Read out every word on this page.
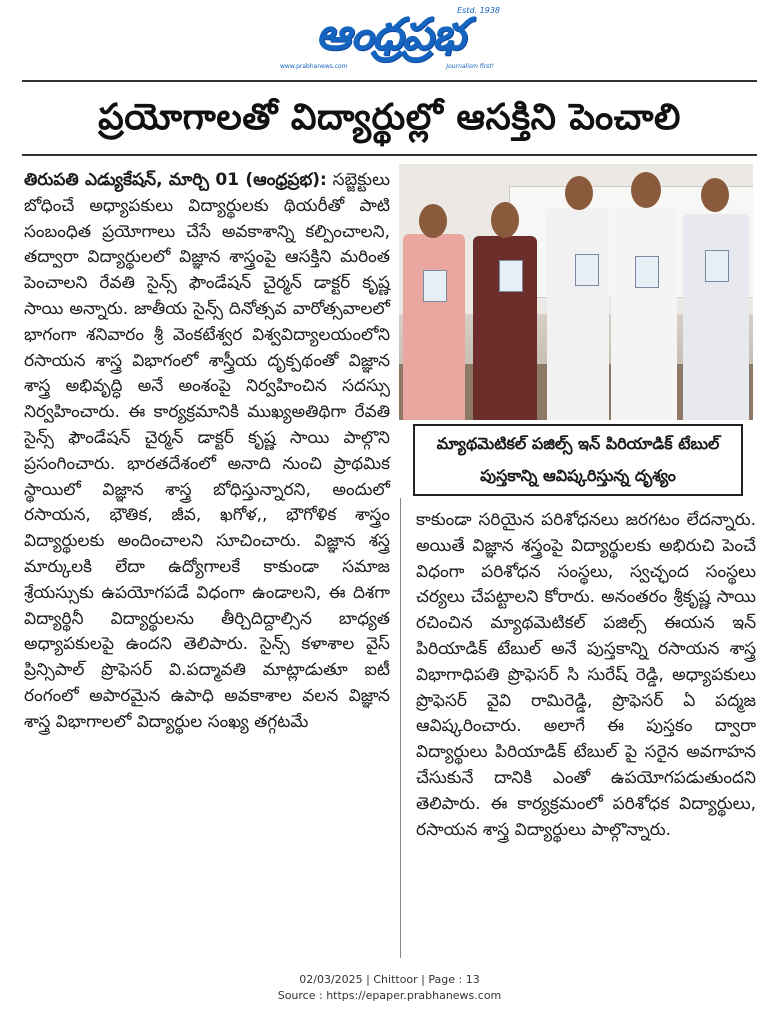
ఆంధ్రప్రభ
Estd. 1938
www.prabhanews.com	Journalism first!
ప్రయోగాలతో విద్యార్థుల్లో ఆసక్తిని పెంచాలి
తిరుపతి ఎడ్యుకేషన్, మార్చి 01 (ఆంధ్రప్రభ): సబ్జెక్టులు బోధించే అధ్యాపకులు విద్యార్థులకు థియరీతో పాటి సంబంధిత ప్రయోగాలు చేసే అవకాశాన్ని కల్పించాలని, తద్వారా విద్యార్థులలో విజ్ఞాన శాస్త్రంపై ఆసక్తిని మరింత పెంచాలని రేవతి సైన్స్ ఫౌండేషన్ చైర్మన్ డాక్టర్ కృష్ణ సాయి అన్నారు. జాతీయ సైన్స్ దినోత్సవ వారోత్సవాలలో భాగంగా శనివారం శ్రీ వెంకటేశ్వర విశ్వవిద్యాలయంలోని రసాయన శాస్త్ర విభాగంలో శాస్త్రీయ దృక్పథంతో విజ్ఞాన శాస్త్ర అభివృద్ధి అనే అంశంపై నిర్వహించిన సదస్సు నిర్వహించారు. ఈ కార్యక్రమానికి ముఖ్యఅతిథిగా రేవతి సైన్స్ ఫౌండేషన్ చైర్మన్ డాక్టర్ కృష్ణ సాయి పాల్గొని ప్రసంగించారు. భారతదేశంలో అనాది నుంచి ప్రాథమిక స్థాయిలో విజ్ఞాన శాస్త్ర బోధిస్తున్నారని, అందులో రసాయన, భౌతిక, జీవ, ఖగోళ,, భౌగోళిక శాస్త్రం విద్యార్థులకు అందించాలని సూచించారు. విజ్ఞాన శస్త్ర మార్కులకి లేదా ఉద్యోగాలకే కాకుండా సమాజ శ్రేయస్సుకు ఉపయోగపడే విధంగా ఉండాలని, ఈ దిశగా విద్యార్థినీ విద్యార్థులను తీర్చిదిద్దాల్సిన బాధ్యత అధ్యాపకులపై ఉందని తెలిపారు. సైన్స్ కళాశాల వైస్ ప్రిన్సిపాల్ ప్రొఫెసర్ వి.పద్మావతి మాట్లాడుతూ ఐటీ రంగంలో అపారమైన ఉపాధి అవకాశాల వలన విజ్ఞాన శాస్త్ర విభాగాలలో విద్యార్థుల సంఖ్య తగ్గటమే
మ్యాథమెటికల్ పజిల్స్ ఇన్ పిరియాడిక్ టేబుల్ పుస్తకాన్ని ఆవిష్కరిస్తున్న దృశ్యం
కాకుండా సరియైన పరిశోధనలు జరగటం లేదన్నారు. అయితే విజ్ఞాన శస్త్రంపై విద్యార్థులకు అభిరుచి పెంచే విధంగా పరిశోధన సంస్థలు, స్వచ్ఛంద సంస్థలు చర్యలు చేపట్టాలని కోరారు. అనంతరం శ్రీకృష్ణ సాయి రచించిన మ్యాథమెటికల్ పజిల్స్ ఈయన ఇన్ పిరియాడిక్ టేబుల్ అనే పుస్తకాన్ని రసాయన శాస్త్ర విభాగాధిపతి ప్రొఫెసర్ సి సురేష్ రెడ్డి, అధ్యాపకులు ప్రొఫెసర్ వైవి రామిరెడ్డి, ప్రొఫెసర్ ఏ పద్మజ ఆవిష్కరించారు. అలాగే ఈ పుస్తకం ద్వారా విద్యార్థులు పిరియాడిక్ టేబుల్ పై సరైన అవగాహన చేసుకునే దానికి ఎంతో ఉపయోగపడుతుందని తెలిపారు. ఈ కార్యక్రమంలో పరిశోధక విద్యార్థులు, రసాయన శాస్త్ర విద్యార్థులు పాల్గొన్నారు.
02/03/2025 | Chittoor | Page : 13
Source : https://epaper.prabhanews.com
